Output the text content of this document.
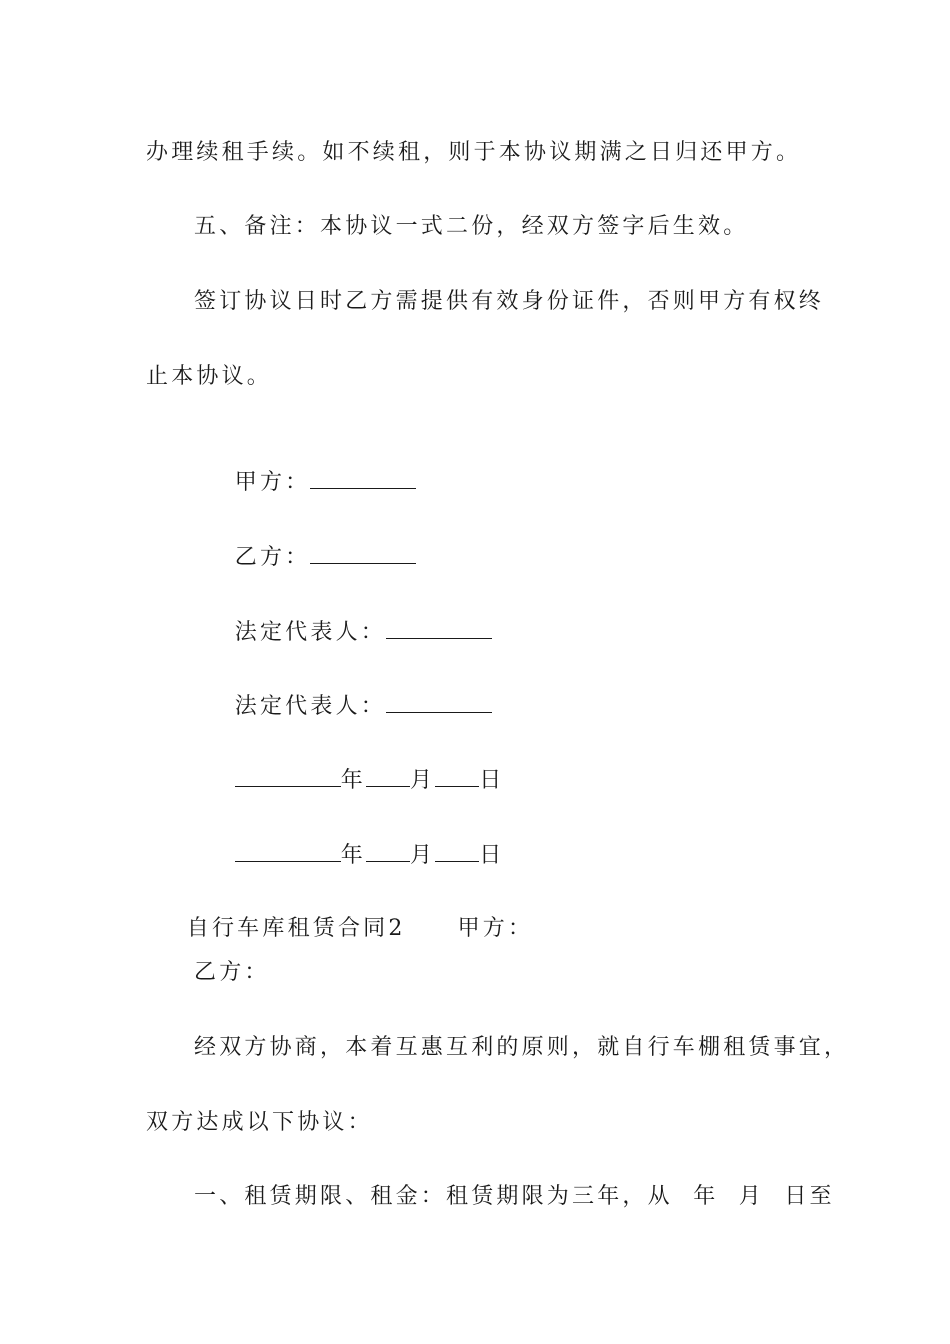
办理续租手续。如不续租，则于本协议期满之日归还甲方。
五、备注：本协议一式二份，经双方签字后生效。
签订协议日时乙方需提供有效身份证件，否则甲方有权终
止本协议。

甲方：

乙方：

法定代表人：

法定代表人：

年 月 日

年 月 日

自行车库租赁合同2 甲方：

乙方：
经双方协商，本着互惠互利的原则，就自行车棚租赁事宜，
双方达成以下协议：
一、租赁期限、租金：租赁期限为三年，从  年  月  日至
